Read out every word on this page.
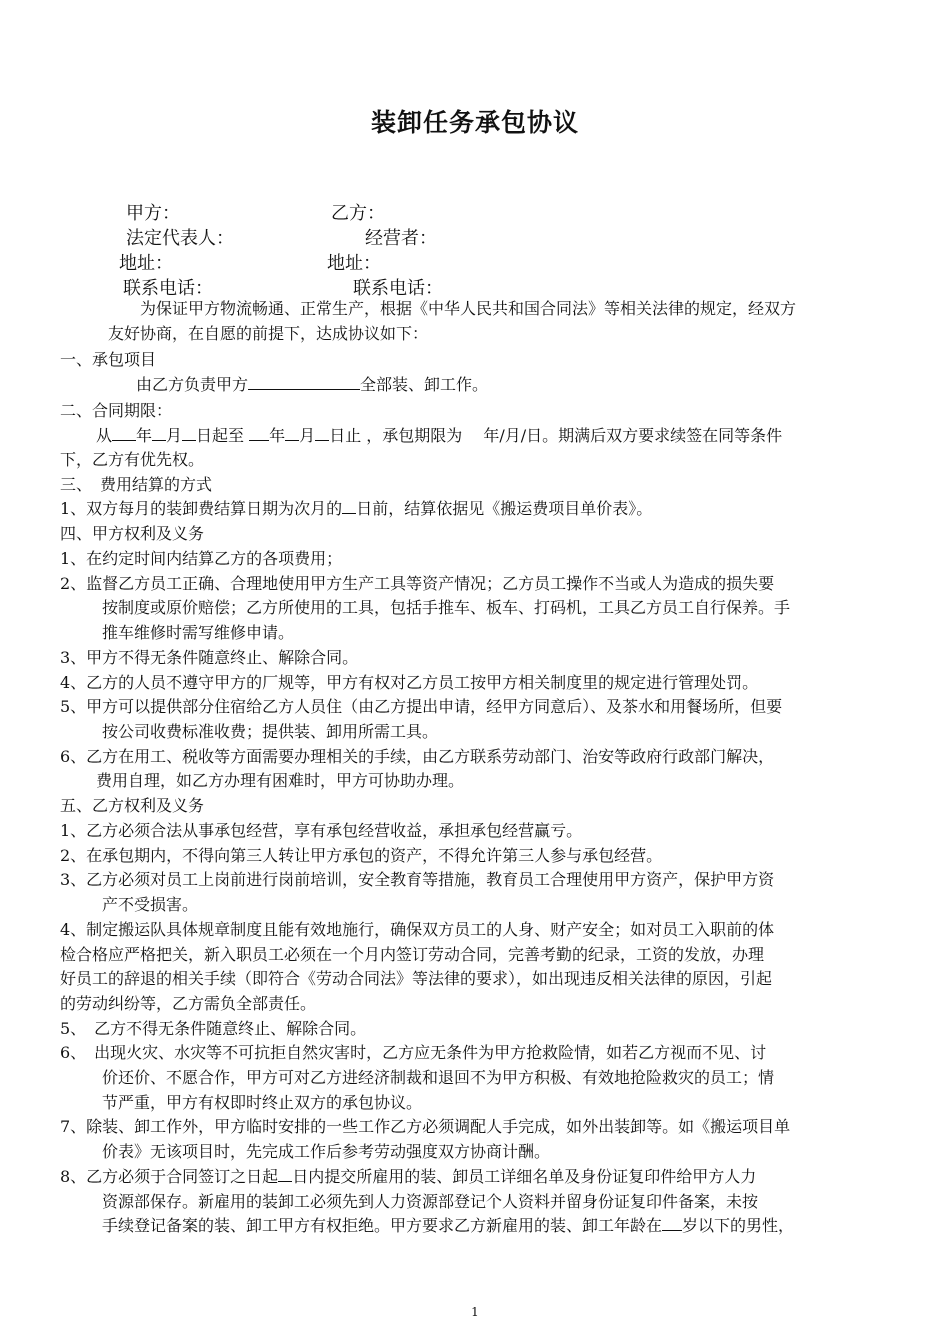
装卸任务承包协议
甲方：	乙方：
法定代表人：	经营者：
地址：	地址：
联系电话：	联系电话：
为保证甲方物流畅通、正常生产，根据《中华人民共和国合同法》等相关法律的规定，经双方
友好协商，在自愿的前提下，达成协议如下：
一、承包项目
由乙方负责甲方	全部装、卸工作。
二、合同期限：
从 年 月 日起至 年 月 日止 ，承包期限为　 年/月/日。期满后双方要求续签在同等条件
下，乙方有优先权。
三、　费用结算的方式
1、双方每月的装卸费结算日期为次月的 日前，结算依据见《搬运费项目单价表》。
四、甲方权利及义务
1、在约定时间内结算乙方的各项费用；
2、监督乙方员工正确、合理地使用甲方生产工具等资产情况；乙方员工操作不当或人为造成的损失要
按制度或原价赔偿；乙方所使用的工具，包括手推车、板车、打码机，工具乙方员工自行保养。手
推车维修时需写维修申请。
3、甲方不得无条件随意终止、解除合同。
4、乙方的人员不遵守甲方的厂规等，甲方有权对乙方员工按甲方相关制度里的规定进行管理处罚。
5、甲方可以提供部分住宿给乙方人员住（由乙方提出申请，经甲方同意后）、及茶水和用餐场所，但要
按公司收费标准收费；提供装、卸用所需工具。
6、乙方在用工、税收等方面需要办理相关的手续，由乙方联系劳动部门、治安等政府行政部门解决，
费用自理，如乙方办理有困难时，甲方可协助办理。
五、乙方权利及义务
1、乙方必须合法从事承包经营，享有承包经营收益，承担承包经营赢亏。
2、在承包期内，不得向第三人转让甲方承包的资产，不得允许第三人参与承包经营。
3、乙方必须对员工上岗前进行岗前培训，安全教育等措施，教育员工合理使用甲方资产，保护甲方资
产不受损害。
4、制定搬运队具体规章制度且能有效地施行，确保双方员工的人身、财产安全；如对员工入职前的体
检合格应严格把关，新入职员工必须在一个月内签订劳动合同，完善考勤的纪录，工资的发放，办理
好员工的辞退的相关手续（即符合《劳动合同法》等法律的要求），如出现违反相关法律的原因，引起
的劳动纠纷等，乙方需负全部责任。
5、　乙方不得无条件随意终止、解除合同。
6、　出现火灾、水灾等不可抗拒自然灾害时，乙方应无条件为甲方抢救险情，如若乙方视而不见、讨
价还价、不愿合作，甲方可对乙方进经济制裁和退回不为甲方积极、有效地抢险救灾的员工；情
节严重，甲方有权即时终止双方的承包协议。
7、除装、卸工作外，甲方临时安排的一些工作乙方必须调配人手完成，如外出装卸等。如《搬运项目单
价表》无该项目时，先完成工作后参考劳动强度双方协商计酬。
8、乙方必须于合同签订之日起 日内提交所雇用的装、卸员工详细名单及身份证复印件给甲方人力
资源部保存。新雇用的装卸工必须先到人力资源部登记个人资料并留身份证复印件备案，未按
手续登记备案的装、卸工甲方有权拒绝。甲方要求乙方新雇用的装、卸工年龄在 岁以下的男性，
1
